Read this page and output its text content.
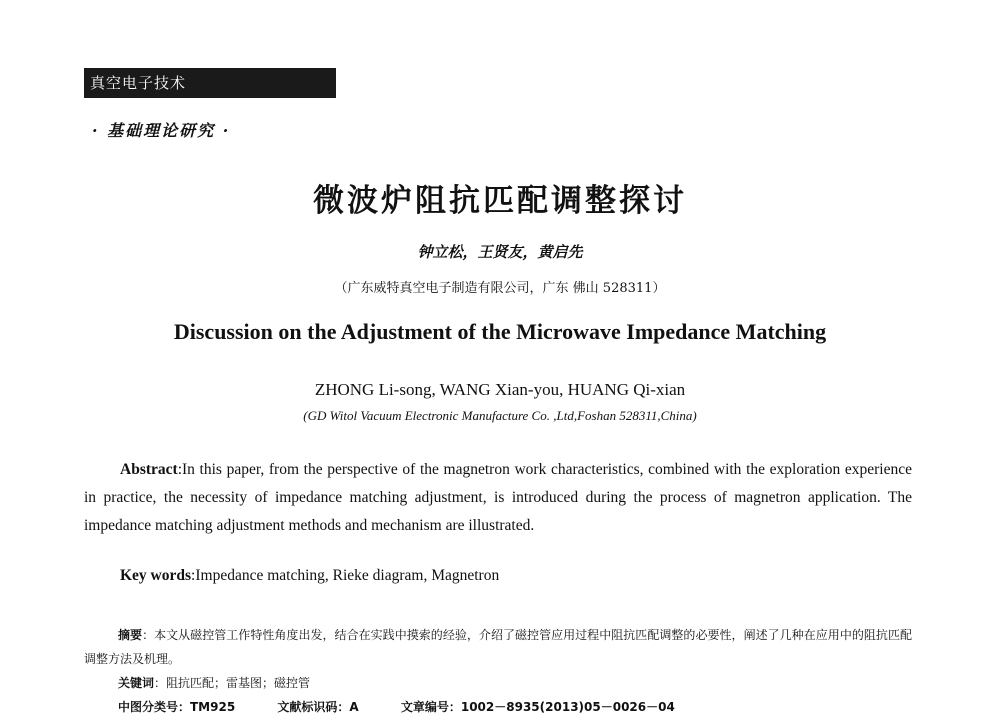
真空电子技术
· 基础理论研究 ·
微波炉阻抗匹配调整探讨
钟立松，王贤友，黄启先
（广东威特真空电子制造有限公司，广东 佛山 528311）
Discussion on the Adjustment of the Microwave Impedance Matching
ZHONG Li-song, WANG Xian-you, HUANG Qi-xian
(GD Witol Vacuum Electronic Manufacture Co. ,Ltd,Foshan 528311,China)
Abstract:In this paper, from the perspective of the magnetron work characteristics, combined with the exploration experience in practice, the necessity of impedance matching adjustment, is introduced during the process of magnetron application. The impedance matching adjustment methods and mechanism are illustrated.
Key words:Impedance matching, Rieke diagram, Magnetron
摘要：本文从磁控管工作特性角度出发，结合在实践中摸索的经验，介绍了磁控管应用过程中阻抗匹配调整的必要性，阐述了几种在应用中的阻抗匹配调整方法及机理。
关键词：阻抗匹配；雷基图；磁控管
中图分类号：TM925	文献标识码：A	文章编号：1002－8935(2013)05－0026－04
